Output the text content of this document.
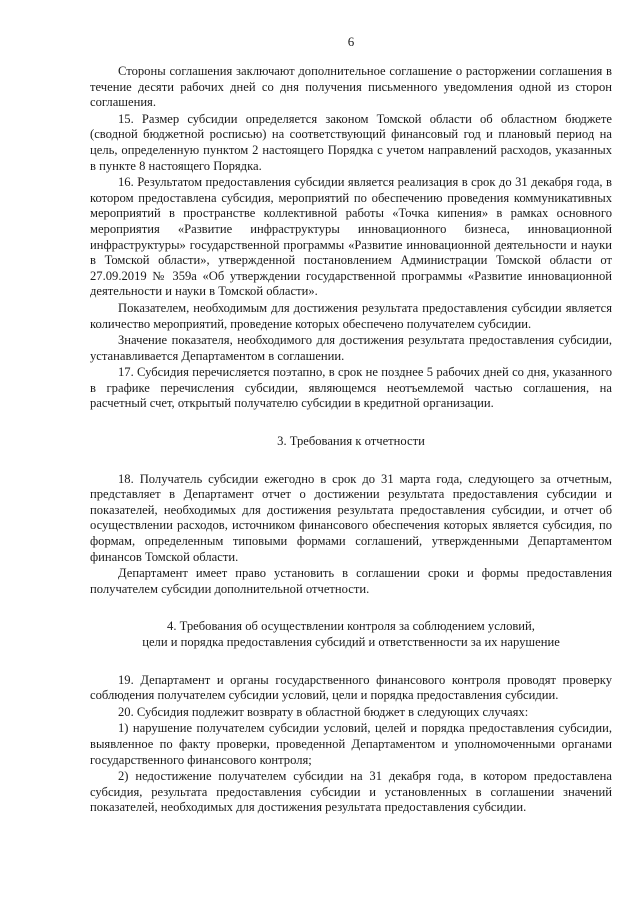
6

Стороны соглашения заключают дополнительное соглашение о расторжении соглашения в течение десяти рабочих дней со дня получения письменного уведомления одной из сторон соглашения.

15. Размер субсидии определяется законом Томской области об областном бюджете (сводной бюджетной росписью) на соответствующий финансовый год и плановый период на цель, определенную пунктом 2 настоящего Порядка с учетом направлений расходов, указанных в пункте 8 настоящего Порядка.

16. Результатом предоставления субсидии является реализация в срок до 31 декабря года, в котором предоставлена субсидия, мероприятий по обеспечению проведения коммуникативных мероприятий в пространстве коллективной работы «Точка кипения» в рамках основного мероприятия «Развитие инфраструктуры инновационного бизнеса, инновационной инфраструктуры» государственной программы «Развитие инновационной деятельности и науки в Томской области», утвержденной постановлением Администрации Томской области от 27.09.2019 № 359а «Об утверждении государственной программы «Развитие инновационной деятельности и науки в Томской области».

Показателем, необходимым для достижения результата предоставления субсидии является количество мероприятий, проведение которых обеспечено получателем субсидии.

Значение показателя, необходимого для достижения результата предоставления субсидии, устанавливается Департаментом в соглашении.

17. Субсидия перечисляется поэтапно, в срок не позднее 5 рабочих дней со дня, указанного в графике перечисления субсидии, являющемся неотъемлемой частью соглашения, на расчетный счет, открытый получателю субсидии в кредитной организации.

3. Требования к отчетности

18. Получатель субсидии ежегодно в срок до 31 марта года, следующего за отчетным, представляет в Департамент отчет о достижении результата предоставления субсидии и показателей, необходимых для достижения результата предоставления субсидии, и отчет об осуществлении расходов, источником финансового обеспечения которых является субсидия, по формам, определенным типовыми формами соглашений, утвержденными Департаментом финансов Томской области.

Департамент имеет право установить в соглашении сроки и формы предоставления получателем субсидии дополнительной отчетности.

4. Требования об осуществлении контроля за соблюдением условий,
цели и порядка предоставления субсидий и ответственности за их нарушение

19. Департамент и органы государственного финансового контроля проводят проверку соблюдения получателем субсидии условий, цели и порядка предоставления субсидии.

20. Субсидия подлежит возврату в областной бюджет в следующих случаях:

1) нарушение получателем субсидии условий, целей и порядка предоставления субсидии, выявленное по факту проверки, проведенной Департаментом и уполномоченными органами государственного финансового контроля;

2) недостижение получателем субсидии на 31 декабря года, в котором предоставлена субсидия, результата предоставления субсидии и установленных в соглашении значений показателей, необходимых для достижения результата предоставления субсидии.
